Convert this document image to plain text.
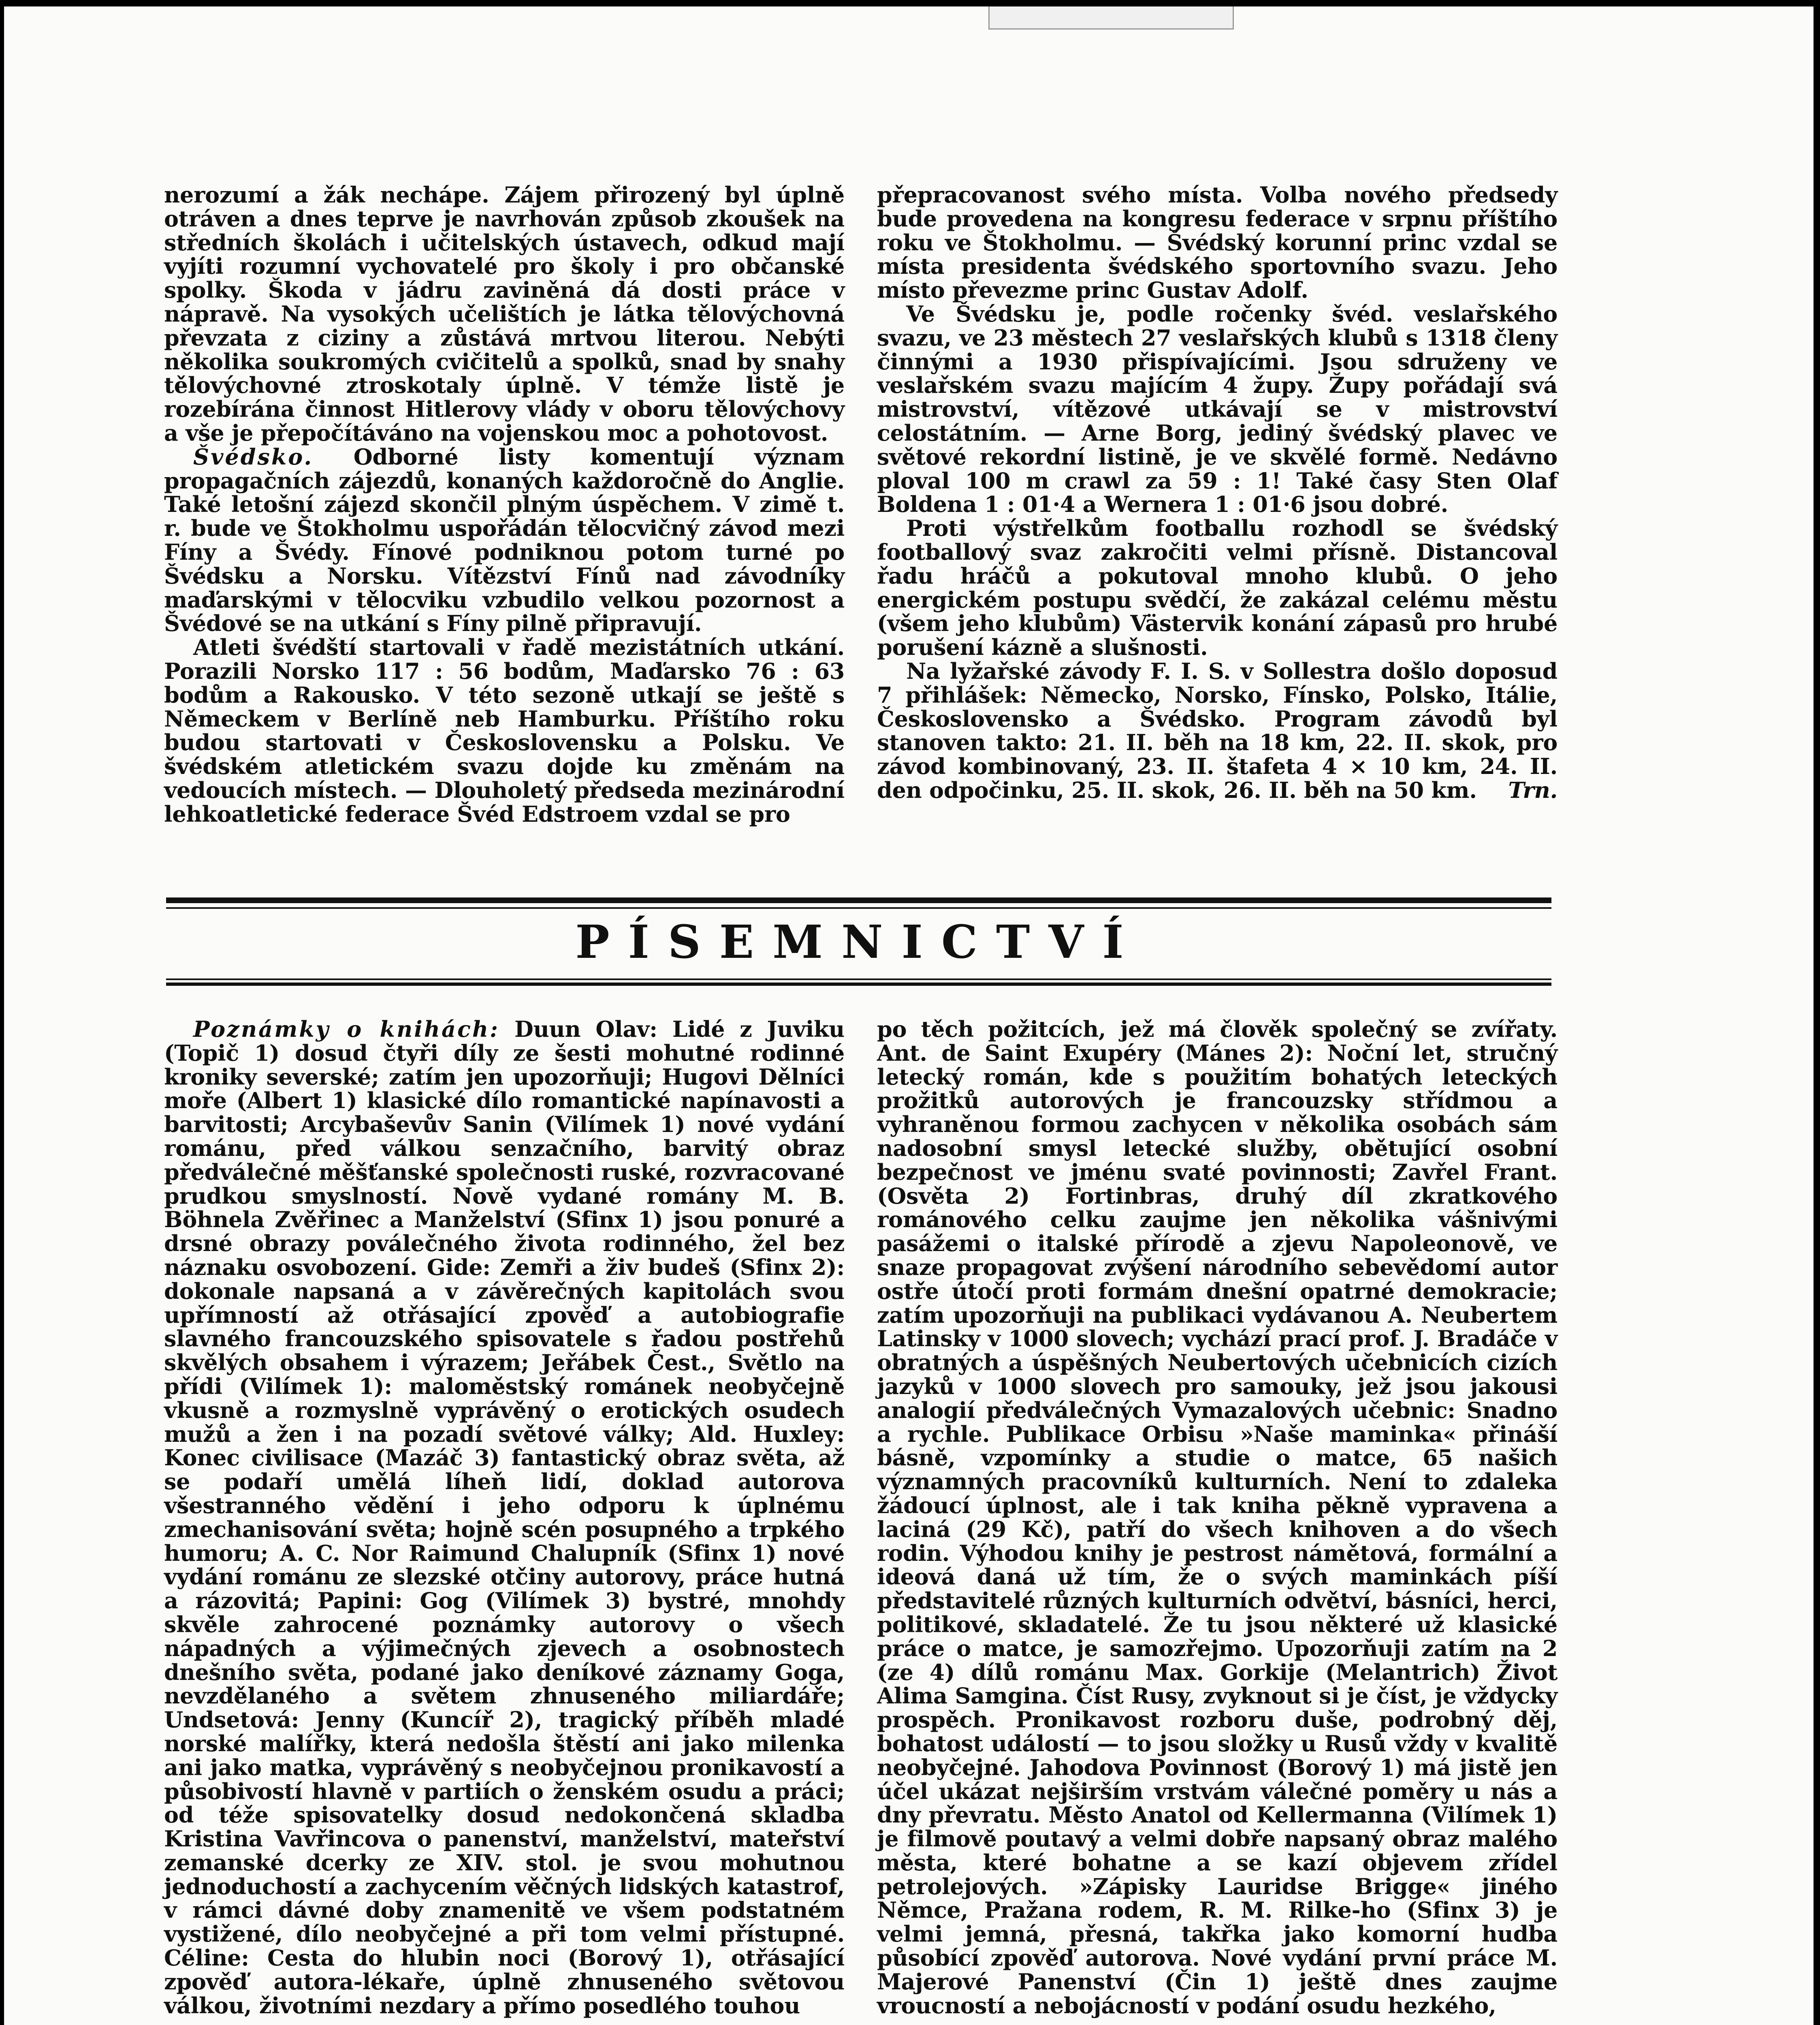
nerozumí a žák nechápe. Zájem přirozený byl úplně otráven a dnes teprve je navrhován způsob zkoušek na středních školách i učitelských ústavech, odkud mají vyjíti rozumní vychovatelé pro školy i pro občanské spolky. Škoda v jádru zaviněná dá dosti práce v nápravě. Na vysokých učelištích je látka tělovýchovná převzata z ciziny a zůstává mrtvou literou. Nebýti několika soukromých cvičitelů a spolků, snad by snahy tělovýchovné ztroskotaly úplně. V témže listě je rozebírána činnost Hitlerovy vlády v oboru tělovýchovy a vše je přepočítáváno na vojenskou moc a pohotovost.

Švédsko. Odborné listy komentují význam propagačních zájezdů, konaných každoročně do Anglie. Také letošní zájezd skončil plným úspěchem. V zimě t. r. bude ve Štokholmu uspořádán tělocvičný závod mezi Fíny a Švédy. Fínové podniknou potom turné po Švédsku a Norsku. Vítězství Fínů nad závodníky maďarskými v tělocviku vzbudilo velkou pozornost a Švédové se na utkání s Fíny pilně připravují.

Atleti švédští startovali v řadě mezistátních utkání. Porazili Norsko 117 : 56 bodům, Maďarsko 76 : 63 bodům a Rakousko. V této sezoně utkají se ještě s Německem v Berlíně neb Hamburku. Příštího roku budou startovati v Československu a Polsku. Ve švédském atletickém svazu dojde ku změnám na vedoucích místech. — Dlouholetý předseda mezinárodní lehkoatletické federace Švéd Edstroem vzdal se pro

přepracovanost svého místa. Volba nového předsedy bude provedena na kongresu federace v srpnu příštího roku ve Štokholmu. — Švédský korunní princ vzdal se místa presidenta švédského sportovního svazu. Jeho místo převezme princ Gustav Adolf.

Ve Švédsku je, podle ročenky švéd. veslařského svazu, ve 23 městech 27 veslařských klubů s 1318 členy činnými a 1930 přispívajícími. Jsou sdruženy ve veslařském svazu majícím 4 župy. Župy pořádají svá mistrovství, vítězové utkávají se v mistrovství celostátním. — Arne Borg, jediný švédský plavec ve světové rekordní listině, je ve skvělé formě. Nedávno ploval 100 m crawl za 59 : 1! Také časy Sten Olaf Boldena 1 : 01·4 a Wernera 1 : 01·6 jsou dobré.

Proti výstřelkům footballu rozhodl se švédský footballový svaz zakročiti velmi přísně. Distancoval řadu hráčů a pokutoval mnoho klubů. O jeho energickém postupu svědčí, že zakázal celému městu (všem jeho klubům) Västervik konání zápasů pro hrubé porušení kázně a slušnosti.

Na lyžařské závody F. I. S. v Sollestra došlo doposud 7 přihlášek: Německo, Norsko, Fínsko, Polsko, Itálie, Československo a Švédsko. Program závodů byl stanoven takto: 21. II. běh na 18 km, 22. II. skok, pro závod kombinovaný, 23. II. štafeta 4 × 10 km, 24. II. den odpočinku, 25. II. skok, 26. II. běh na 50 km.	Trn.

PÍSEMNICTVÍ

Poznámky o knihách: Duun Olav: Lidé z Juviku (Topič 1) dosud čtyři díly ze šesti mohutné rodinné kroniky severské; zatím jen upozorňuji; Hugovi Dělníci moře (Albert 1) klasické dílo romantické napínavosti a barvitosti; Arcybaševův Sanin (Vilímek 1) nové vydání románu, před válkou senzačního, barvitý obraz předválečné měšťanské společnosti ruské, rozvracované prudkou smyslností. Nově vydané romány M. B. Böhnela Zvěřinec a Manželství (Sfinx 1) jsou ponuré a drsné obrazy poválečného života rodinného, žel bez náznaku osvobození. Gide: Zemři a živ budeš (Sfinx 2): dokonale napsaná a v závěrečných kapitolách svou upřímností až otřásající zpověď a autobiografie slavného francouzského spisovatele s řadou postřehů skvělých obsahem i výrazem; Jeřábek Čest., Světlo na přídi (Vilímek 1): maloměstský románek neobyčejně vkusně a rozmyslně vyprávěný o erotických osudech mužů a žen i na pozadí světové války; Ald. Huxley: Konec civilisace (Mazáč 3) fantastický obraz světa, až se podaří umělá líheň lidí, doklad autorova všestranného vědění i jeho odporu k úplnému zmechanisování světa; hojně scén posupného a trpkého humoru; A. C. Nor Raimund Chalupník (Sfinx 1) nové vydání románu ze slezské otčiny autorovy, práce hutná a rázovitá; Papini: Gog (Vilímek 3) bystré, mnohdy skvěle zahrocené poznámky autorovy o všech nápadných a výjimečných zjevech a osobnostech dnešního světa, podané jako deníkové záznamy Goga, nevzdělaného a světem zhnuseného miliardáře; Undsetová: Jenny (Kuncíř 2), tragický příběh mladé norské malířky, která nedošla štěstí ani jako milenka ani jako matka, vyprávěný s neobyčejnou pronikavostí a působivostí hlavně v partiích o ženském osudu a práci; od téže spisovatelky dosud nedokončená skladba Kristina Vavřincova o panenství, manželství, mateřství zemanské dcerky ze XIV. stol. je svou mohutnou jednoduchostí a zachycením věčných lidských katastrof, v rámci dávné doby znamenitě ve všem podstatném vystižené, dílo neobyčejné a při tom velmi přístupné. Céline: Cesta do hlubin noci (Borový 1), otřásající zpověď autora-lékaře, úplně zhnuseného světovou válkou, životními nezdary a přímo posedlého touhou

po těch požitcích, jež má člověk společný se zvířaty. Ant. de Saint Exupéry (Mánes 2): Noční let, stručný letecký román, kde s použitím bohatých leteckých prožitků autorových je francouzsky střídmou a vyhraněnou formou zachycen v několika osobách sám nadosobní smysl letecké služby, obětující osobní bezpečnost ve jménu svaté povinnosti; Zavřel Frant. (Osvěta 2) Fortinbras, druhý díl zkratkového románového celku zaujme jen několika vášnivými pasážemi o italské přírodě a zjevu Napoleonově, ve snaze propagovat zvýšení národního sebevědomí autor ostře útočí proti formám dnešní opatrné demokracie; zatím upozorňuji na publikaci vydávanou A. Neubertem Latinsky v 1000 slovech; vychází prací prof. J. Bradáče v obratných a úspěšných Neubertových učebnicích cizích jazyků v 1000 slovech pro samouky, jež jsou jakousi analogií předválečných Vymazalových učebnic: Snadno a rychle. Publikace Orbisu »Naše maminka« přináší básně, vzpomínky a studie o matce, 65 našich významných pracovníků kulturních. Není to zdaleka žádoucí úplnost, ale i tak kniha pěkně vypravena a laciná (29 Kč), patří do všech knihoven a do všech rodin. Výhodou knihy je pestrost námětová, formální a ideová daná už tím, že o svých maminkách píší představitelé různých kulturních odvětví, básníci, herci, politikové, skladatelé. Že tu jsou některé už klasické práce o matce, je samozřejmo. Upozorňuji zatím na 2 (ze 4) dílů románu Max. Gorkije (Melantrich) Život Alima Samgina. Číst Rusy, zvyknout si je číst, je vždycky prospěch. Pronikavost rozboru duše, podrobný děj, bohatost událostí — to jsou složky u Rusů vždy v kvalitě neobyčejné. Jahodova Povinnost (Borový 1) má jistě jen účel ukázat nejširším vrstvám válečné poměry u nás a dny převratu. Město Anatol od Kellermanna (Vilímek 1) je filmově poutavý a velmi dobře napsaný obraz malého města, které bohatne a se kazí objevem zřídel petrolejových. »Zápisky Lauridse Brigge« jiného Němce, Pražana rodem, R. M. Rilke-ho (Sfinx 3) je velmi jemná, přesná, takřka jako komorní hudba působící zpověď autorova. Nové vydání první práce M. Majerové Panenství (Čin 1) ještě dnes zaujme vroucností a nebojácností v podání osudu hezkého,
